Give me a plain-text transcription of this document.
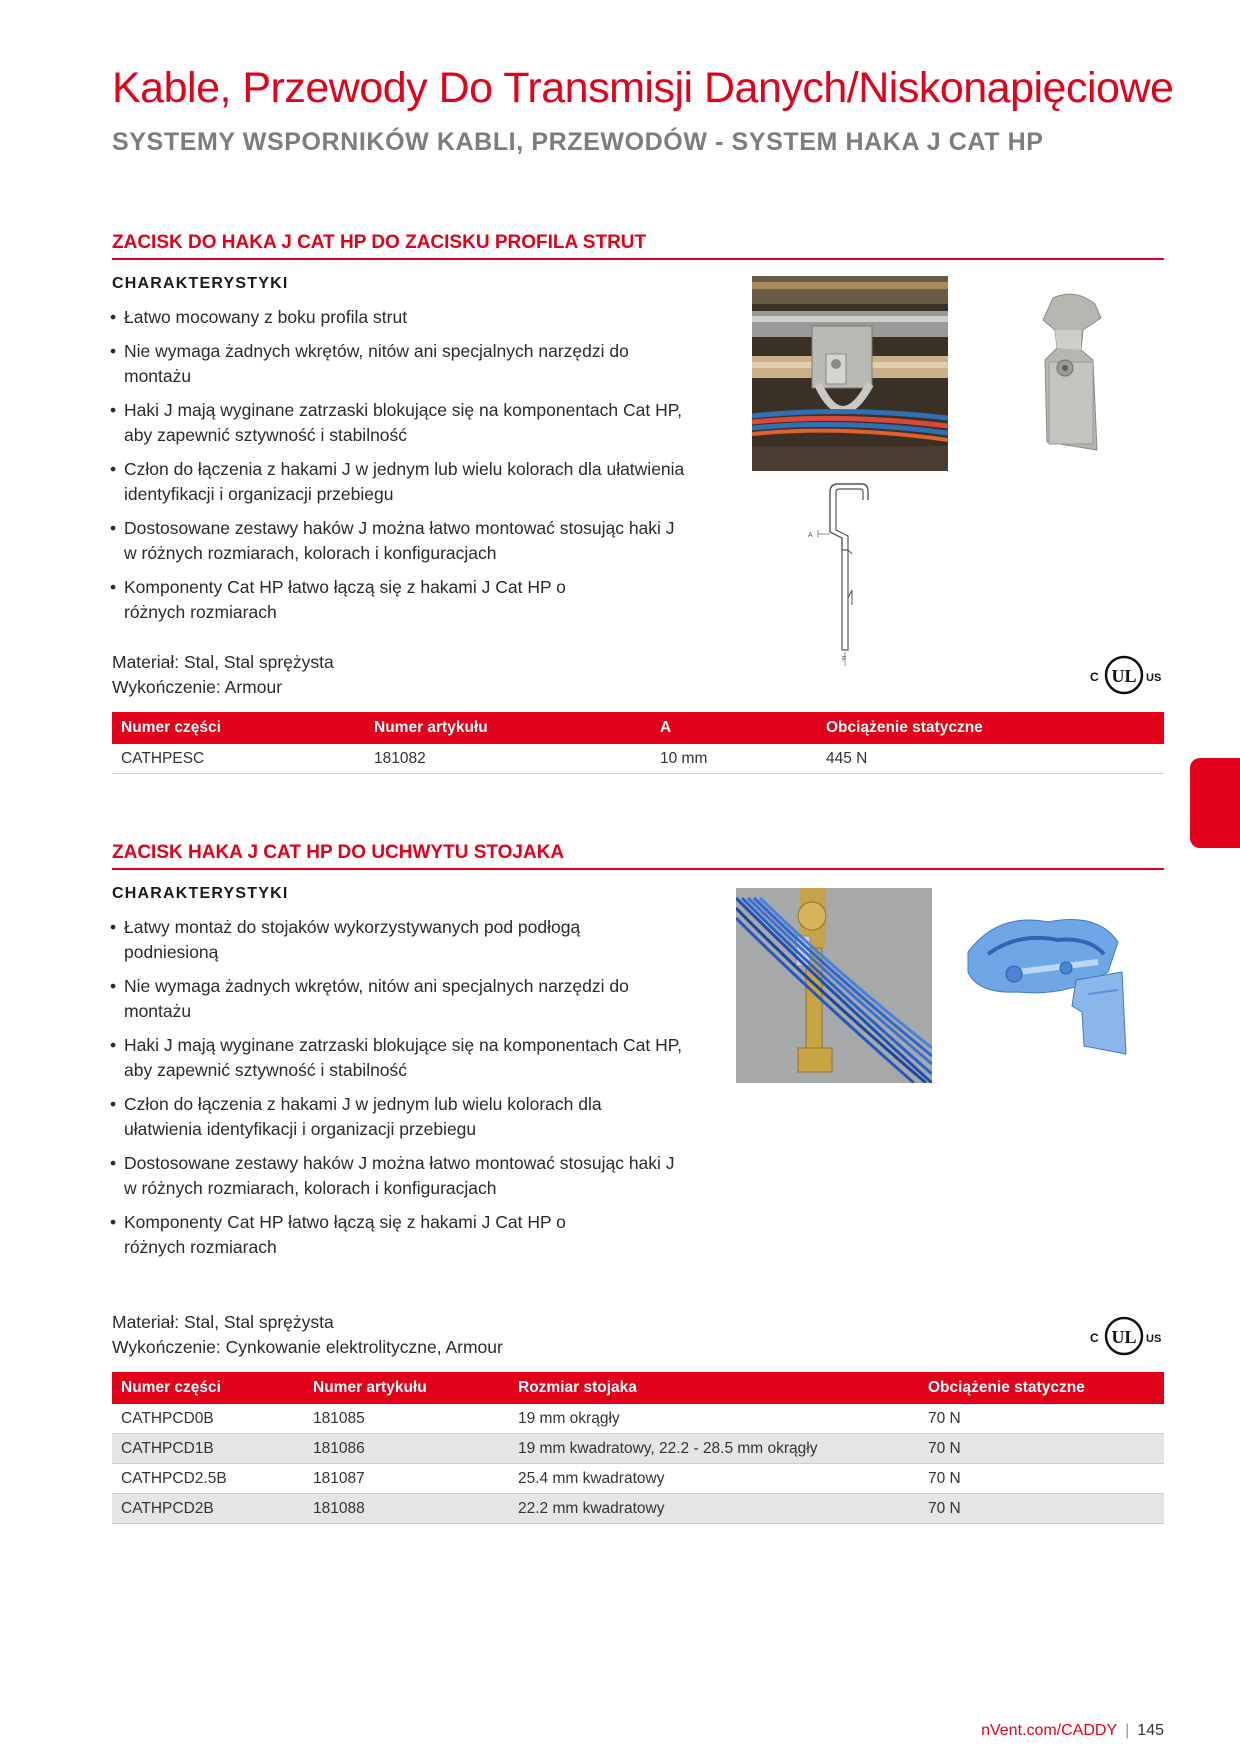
Kable, Przewody Do Transmisji Danych/Niskonapięciowe
SYSTEMY WSPORNIKÓW KABLI, PRZEWODÓW - SYSTEM HAKA J CAT HP
ZACISK DO HAKA J CAT HP DO ZACISKU PROFILA STRUT
CHARAKTERYSTYKI
• Łatwo mocowany z boku profila strut
• Nie wymaga żadnych wkrętów, nitów ani specjalnych narzędzi do montażu
• Haki J mają wyginane zatrzaski blokujące się na komponentach Cat HP, aby zapewnić sztywność i stabilność
• Człon do łączenia z hakami J w jednym lub wielu kolorach dla ułatwienia identyfikacji i organizacji przebiegu
• Dostosowane zestawy haków J można łatwo montować stosując haki J w różnych rozmiarach, kolorach i konfiguracjach
• Komponenty Cat HP łatwo łączą się z hakami J Cat HP o różnych rozmiarach
A
F
Materiał: Stal, Stal sprężysta
Wykończenie: Armour	C UL US
Numer części	Numer artykułu	A	Obciążenie statyczne
CATHPESC	181082	10 mm	445 N
ZACISK HAKA J CAT HP DO UCHWYTU STOJAKA
CHARAKTERYSTYKI
• Łatwy montaż do stojaków wykorzystywanych pod podłogą podniesioną
• Nie wymaga żadnych wkrętów, nitów ani specjalnych narzędzi do montażu
• Haki J mają wyginane zatrzaski blokujące się na komponentach Cat HP, aby zapewnić sztywność i stabilność
• Człon do łączenia z hakami J w jednym lub wielu kolorach dla ułatwienia identyfikacji i organizacji przebiegu
• Dostosowane zestawy haków J można łatwo montować stosując haki J w różnych rozmiarach, kolorach i konfiguracjach
• Komponenty Cat HP łatwo łączą się z hakami J Cat HP o różnych rozmiarach
Materiał: Stal, Stal sprężysta
Wykończenie: Cynkowanie elektrolityczne, Armour	C UL US
Numer części	Numer artykułu	Rozmiar stojaka	Obciążenie statyczne
CATHPCD0B	181085	19 mm okrągły	70 N
CATHPCD1B	181086	19 mm kwadratowy, 22.2 - 28.5 mm okrągły	70 N
CATHPCD2.5B	181087	25.4 mm kwadratowy	70 N
CATHPCD2B	181088	22.2 mm kwadratowy	70 N
nVent.com/CADDY | 145
